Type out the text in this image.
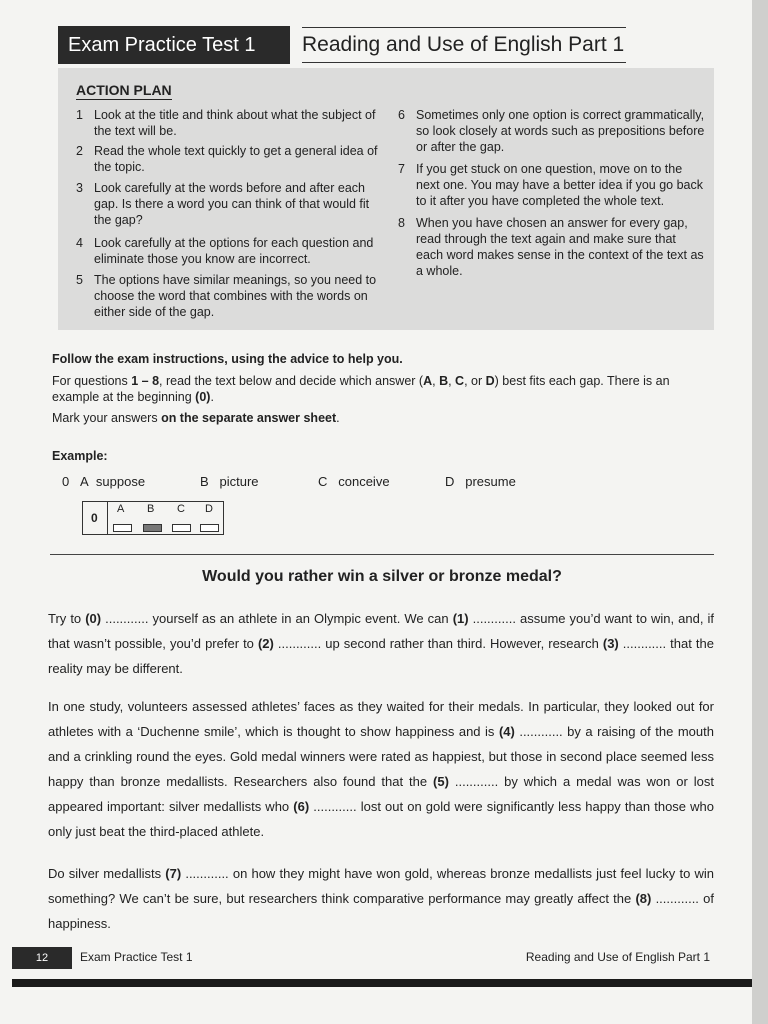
Exam Practice Test 1	Reading and Use of English Part 1
ACTION PLAN
1 Look at the title and think about what the subject of the text will be.
2 Read the whole text quickly to get a general idea of the topic.
3 Look carefully at the words before and after each gap. Is there a word you can think of that would fit the gap?
4 Look carefully at the options for each question and eliminate those you know are incorrect.
5 The options have similar meanings, so you need to choose the word that combines with the words on either side of the gap.
6 Sometimes only one option is correct grammatically, so look closely at words such as prepositions before or after the gap.
7 If you get stuck on one question, move on to the next one. You may have a better idea if you go back to it after you have completed the whole text.
8 When you have chosen an answer for every gap, read through the text again and make sure that each word makes sense in the context of the text as a whole.
Follow the exam instructions, using the advice to help you.
For questions 1 – 8, read the text below and decide which answer (A, B, C, or D) best fits each gap. There is an example at the beginning (0).
Mark your answers on the separate answer sheet.
Example:
0 A suppose	B picture	C conceive	D presume
0
A B C D
Would you rather win a silver or bronze medal?
Try to (0) ............ yourself as an athlete in an Olympic event. We can (1) ............ assume you’d want to win, and, if that wasn’t possible, you’d prefer to (2) ............ up second rather than third. However, research (3) ............ that the reality may be different.
In one study, volunteers assessed athletes’ faces as they waited for their medals. In particular, they looked out for athletes with a ‘Duchenne smile’, which is thought to show happiness and is (4) ............ by a raising of the mouth and a crinkling round the eyes. Gold medal winners were rated as happiest, but those in second place seemed less happy than bronze medallists. Researchers also found that the (5) ............ by which a medal was won or lost appeared important: silver medallists who (6) ............ lost out on gold were significantly less happy than those who only just beat the third-placed athlete.
Do silver medallists (7) ............ on how they might have won gold, whereas bronze medallists just feel lucky to win something? We can’t be sure, but researchers think comparative performance may greatly affect the (8) ............ of happiness.
12	Exam Practice Test 1	Reading and Use of English Part 1
